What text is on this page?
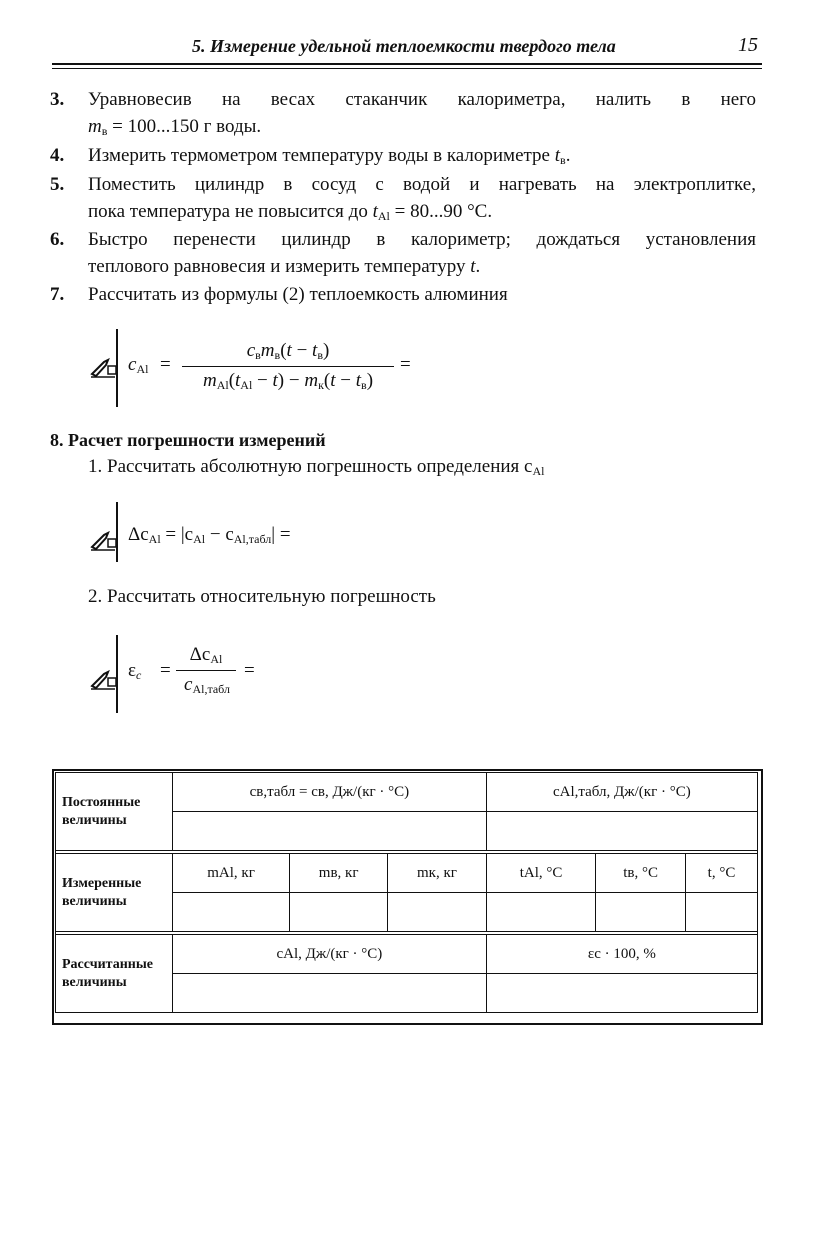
5. Измерение удельной теплоемкости твердого тела	15
3. Уравновесив на весах стаканчик калориметра, налить в него
$m_в = 100...150$ г воды.
4. Измерить термометром температуру воды в калориметре $t_в$.
5. Поместить цилиндр в сосуд с водой и нагревать на электроплитке,
пока температура не повысится до $t_{Al} = 80...90$ °С.
6. Быстро перенести цилиндр в калориметр; дождаться установления
теплового равновесия и измерить температуру t.
7. Рассчитать из формулы (2) теплоемкость алюминия
$c_{Al}$ =
$c_вm_в(t - t_в)$
$m_{Al}(t_{Al} - t) - m_к(t - t_в)$
=
8. Расчет погрешности измерений
1. Рассчитать абсолютную погрешность определения $c_{Al}$
$\Delta c_{Al} = |c_{Al} - c_{Al,табл}|$ =
2. Рассчитать относительную погрешность
$\varepsilon_c$ =
$\Delta c_{Al}$
$c_{Al,табл}$
=
Постоянные величины	cв,табл = cв, Дж/(кг · °С)			cAl,табл, Дж/(кг · °С)		

Измеренные величины	mAl, кг	mв, кг	mк, кг	tAl, °С	tв, °С	t, °С

Рассчитанные величины	cAl, Дж/(кг · °С)			εc · 100, %		
